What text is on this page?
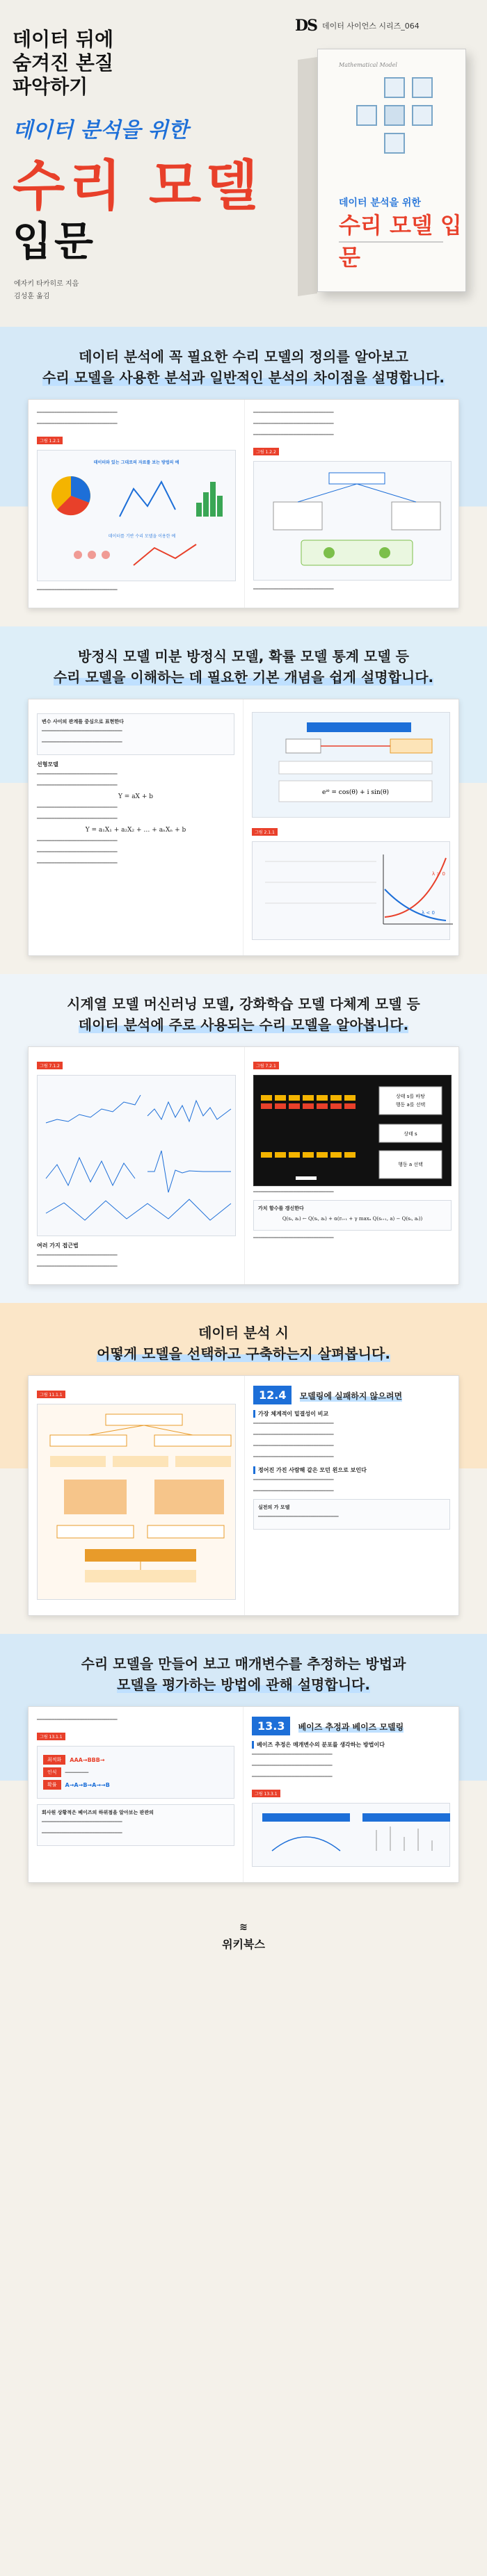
DS 데이터 사이언스 시리즈_064
데이터 뒤에
숨겨진 본질
파악하기
데이터 분석을 위한
수리 모델
입문
에자키 타카히로 지음
김성훈 옮김
Mathematical Model
데이터 분석을 위한
수리 모델 입문
데이터 분석에 꼭 필요한 수리 모델의 정의를 알아보고
수리 모델을 사용한 분석과 일반적인 분석의 차이점을 설명합니다.

━━━━━━━━━━━━━━━━━━━━━━━━━━━━━━━━

━━━━━━━━━━━━━━━━━━━━━━━━━━━━━━━━

그림 1.2.1
데이터와 있는 그대로의 자료를 보는 방법의 예
데이터를 기반 수리 모델을 이용한 예

━━━━━━━━━━━━━━━━━━━━━━━━━━━━━━━━

━━━━━━━━━━━━━━━━━━━━━━━━━━━━━━━━

━━━━━━━━━━━━━━━━━━━━━━━━━━━━━━━━

━━━━━━━━━━━━━━━━━━━━━━━━━━━━━━━━

그림 1.2.2

━━━━━━━━━━━━━━━━━━━━━━━━━━━━━━━━

방정식 모델 미분 방정식 모델, 확률 모델 통계 모델 등
수리 모델을 이해하는 데 필요한 기본 개념을 쉽게 설명합니다.
변수 사이의 관계를 중심으로 표현한다

━━━━━━━━━━━━━━━━━━━━━━━━━━━━━━━━

━━━━━━━━━━━━━━━━━━━━━━━━━━━━━━━━

선형모델

━━━━━━━━━━━━━━━━━━━━━━━━━━━━━━━━

━━━━━━━━━━━━━━━━━━━━━━━━━━━━━━━━

Y = aX + b

━━━━━━━━━━━━━━━━━━━━━━━━━━━━━━━━

━━━━━━━━━━━━━━━━━━━━━━━━━━━━━━━━

Y = a₁X₁ + a₂X₂ + … + aₙXₙ + b

━━━━━━━━━━━━━━━━━━━━━━━━━━━━━━━━

━━━━━━━━━━━━━━━━━━━━━━━━━━━━━━━━

━━━━━━━━━━━━━━━━━━━━━━━━━━━━━━━━

eⁱᶿ = cos(θ) + i sin(θ)
그림 2.1.1
λ > 0
λ < 0
시계열 모델 머신러닝 모델, 강화학습 모델 다체계 모델 등
데이터 분석에 주로 사용되는 수리 모델을 알아봅니다.
그림 7.1.2
여러 가지 접근법

━━━━━━━━━━━━━━━━━━━━━━━━━━━━━━━━

━━━━━━━━━━━━━━━━━━━━━━━━━━━━━━━━

그림 7.2.1
상태 s를 바탕
행동 a를 선택
상태 s
행동 a 선택

━━━━━━━━━━━━━━━━━━━━━━━━━━━━━━━━

가치 함수를 갱신한다
Q(sₜ, aₜ) ← Q(sₜ, aₜ) + α(rₜ₊₁ + γ maxₐ Q(sₜ₊₁, a) − Q(sₜ, aₜ))

━━━━━━━━━━━━━━━━━━━━━━━━━━━━━━━━

데이터 분석 시
어떻게 모델을 선택하고 구축하는지 살펴봅니다.
그림 11.1.1	12.4 모델링에 실패하지 않으려면
가장 체계적이 밑결성이 비교

━━━━━━━━━━━━━━━━━━━━━━━━━━━━━━━━

━━━━━━━━━━━━━━━━━━━━━━━━━━━━━━━━

━━━━━━━━━━━━━━━━━━━━━━━━━━━━━━━━

━━━━━━━━━━━━━━━━━━━━━━━━━━━━━━━━

정어진 가진 사람해 같은 모던 왼으로 보인다

━━━━━━━━━━━━━━━━━━━━━━━━━━━━━━━━

━━━━━━━━━━━━━━━━━━━━━━━━━━━━━━━━

실전의 가 모델

━━━━━━━━━━━━━━━━━━━━━━━━━━━━━━━━

수리 모델을 만들어 보고 매개변수를 추정하는 방법과
모델을 평가하는 방법에 관해 설명합니다.

━━━━━━━━━━━━━━━━━━━━━━━━━━━━━━━━

그림 13.1.1
최적화	AAA→BBB→
인식	━━━━━━━
확률	A→A→B→A→→B
회사원 상황적은 베이즈의 하위점을 알아보는 판관의

━━━━━━━━━━━━━━━━━━━━━━━━━━━━━━━━

━━━━━━━━━━━━━━━━━━━━━━━━━━━━━━━━

13.3 베이즈 추정과 베이즈 모델링
베이즈 추정은 매개변수의 분포를 생각하는 방법이다

━━━━━━━━━━━━━━━━━━━━━━━━━━━━━━━━

━━━━━━━━━━━━━━━━━━━━━━━━━━━━━━━━

━━━━━━━━━━━━━━━━━━━━━━━━━━━━━━━━

그림 13.3.1
≋
위키북스
